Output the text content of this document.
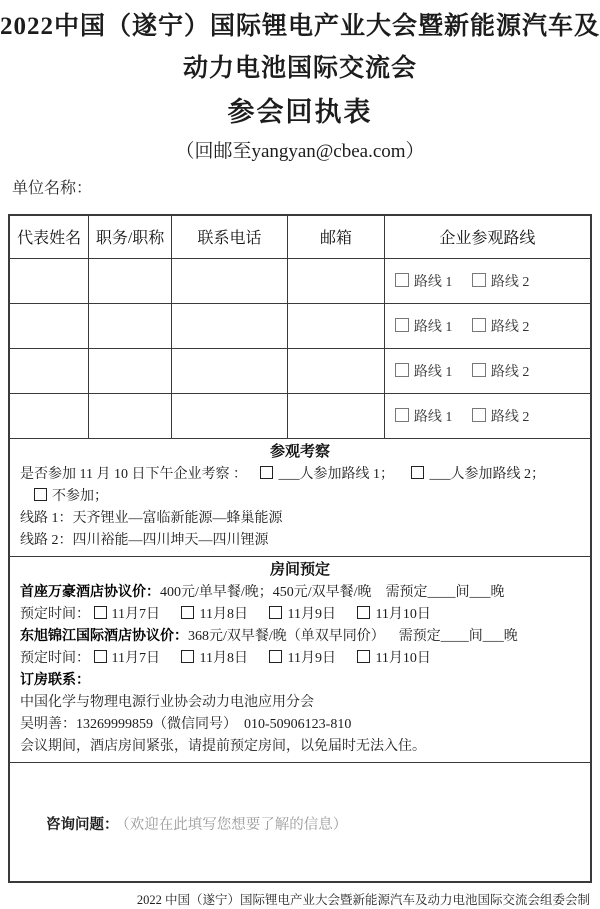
2022中国（遂宁）国际锂电产业大会暨新能源汽车及
动力电池国际交流会
参会回执表
（回邮至yangyan@cbea.com）
单位名称：
代表姓名	职务/职称	联系电话	邮箱	企业参观路线
				路线 1 路线 2
				路线 1 路线 2
				路线 1 路线 2
				路线 1 路线 2

参观考察
是否参加 11 月 10 日下午企业考察 ： ___人参加路线 1； ___人参加路线 2； 不参加；
线路 1：天齐锂业—富临新能源—蜂巢能源
线路 2：四川裕能—四川坤天—四川锂源				

房间预定
首座万豪酒店协议价：400元/单早餐/晚；450元/双早餐/晚 需预定____间___晚
预定时间： 11月7日	11月8日	11月9日	11月10日
东旭锦江国际酒店协议价：368元/双早餐/晚（单双早同价） 需预定____间___晚
预定时间： 11月7日	11月8日	11月9日	11月10日
订房联系：
中国化学与物理电源行业协会动力电池应用分会
吴明善：13269999859（微信同号）　010-50906123-810
会议期间，酒店房间紧张，请提前预定房间，以免届时无法入住。

咨询问题： （欢迎在此填写您想要了解的信息）				
2022 中国（遂宁）国际锂电产业大会暨新能源汽车及动力电池国际交流会组委会制
